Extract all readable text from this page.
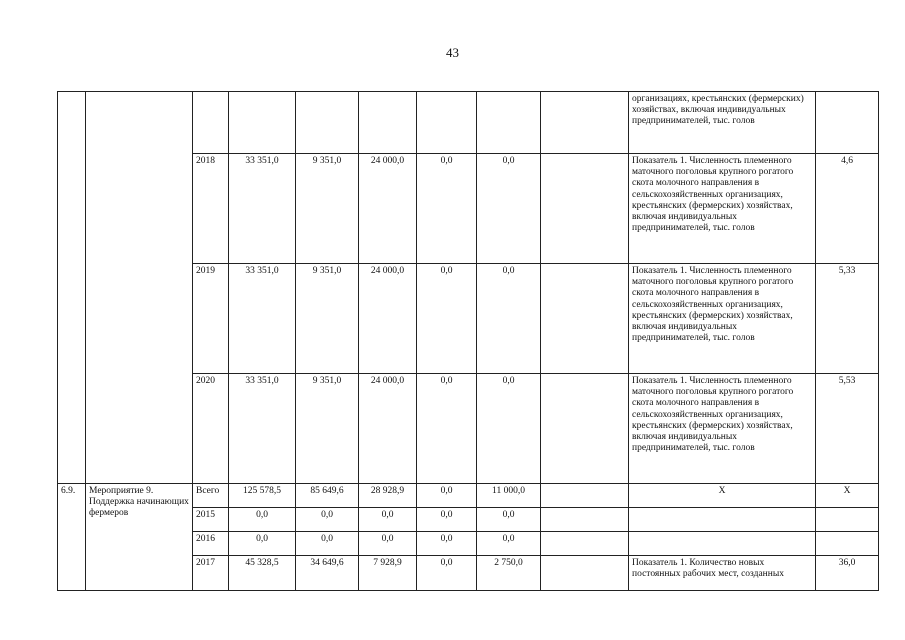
43
									организациях, крестьянских (фермерских) хозяйствах, включая индивидуальных предпринимателей, тыс. голов	
		2018	33 351,0	9 351,0	24 000,0	0,0	0,0		Показатель 1. Численность племенного маточного поголовья крупного рогатого скота молочного направления в сельскохозяйственных организациях, крестьянских (фермерских) хозяйствах, включая индивидуальных предпринимателей, тыс. голов	4,6
		2019	33 351,0	9 351,0	24 000,0	0,0	0,0		Показатель 1. Численность племенного маточного поголовья крупного рогатого скота молочного направления в сельскохозяйственных организациях, крестьянских (фермерских) хозяйствах, включая индивидуальных предпринимателей, тыс. голов	5,33
		2020	33 351,0	9 351,0	24 000,0	0,0	0,0		Показатель 1. Численность племенного маточного поголовья крупного рогатого скота молочного направления в сельскохозяйственных организациях, крестьянских (фермерских) хозяйствах, включая индивидуальных предпринимателей, тыс. голов	5,53
6.9.	Мероприятие 9. Поддержка начинающих фермеров	Всего	125 578,5	85 649,6	28 928,9	0,0	11 000,0		X	X
		2015	0,0	0,0	0,0	0,0	0,0			
		2016	0,0	0,0	0,0	0,0	0,0			
		2017	45 328,5	34 649,6	7 928,9	0,0	2 750,0		Показатель 1. Количество новых постоянных рабочих мест, созданных	36,0
